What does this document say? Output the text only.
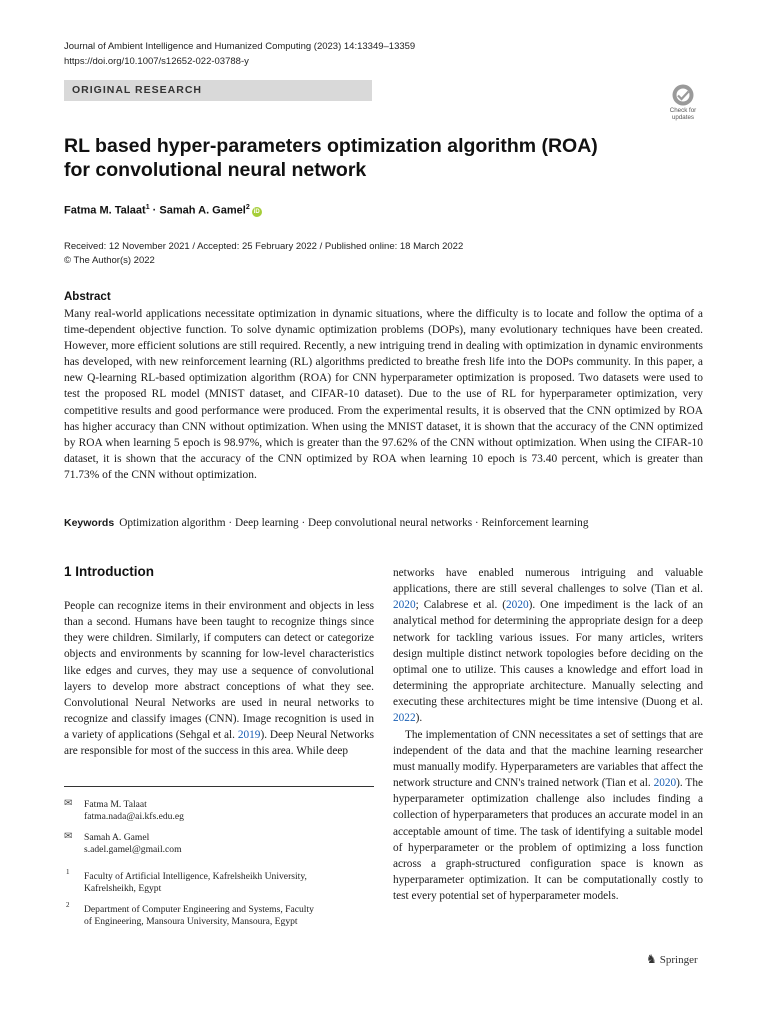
Journal of Ambient Intelligence and Humanized Computing (2023) 14:13349–13359
https://doi.org/10.1007/s12652-022-03788-y
ORIGINAL RESEARCH
Check for
updates
RL based hyper-parameters optimization algorithm (ROA)
for convolutional neural network
Fatma M. Talaat$^1$ · Samah A. Gamel$^2$iD
Received: 12 November 2021 / Accepted: 25 February 2022 / Published online: 18 March 2022
© The Author(s) 2022
Abstract
Many real-world applications necessitate optimization in dynamic situations, where the difficulty is to locate and follow the optima of a time-dependent objective function. To solve dynamic optimization problems (DOPs), many evolutionary techniques have been created. However, more efficient solutions are still required. Recently, a new intriguing trend in dealing with optimization in dynamic environments has developed, with new reinforcement learning (RL) algorithms predicted to breathe fresh life into the DOPs community. In this paper, a new Q-learning RL-based optimization algorithm (ROA) for CNN hyperparameter optimization is proposed. Two datasets were used to test the proposed RL model (MNIST dataset, and CIFAR-10 dataset). Due to the use of RL for hyperparameter optimization, very competitive results and good performance were produced. From the experimental results, it is observed that the CNN optimized by ROA has higher accuracy than CNN without optimization. When using the MNIST dataset, it is shown that the accuracy of the CNN optimized by ROA when learning 5 epoch is 98.97%, which is greater than the 97.62% of the CNN without optimization. When using the CIFAR-10 dataset, it is shown that the accuracy of the CNN optimized by ROA when learning 10 epoch is 73.40 percent, which is greater than 71.73% of the CNN without optimization.
Keywords Optimization algorithm · Deep learning · Deep convolutional neural networks · Reinforcement learning
1 Introduction
People can recognize items in their environment and objects in less than a second. Humans have been taught to recognize things since they were children. Similarly, if computers can detect or categorize objects and environments by scanning for low-level characteristics like edges and curves, they may use a sequence of convolutional layers to develop more abstract conceptions of what they see. Convolutional Neural Networks are used in neural networks to recognize and classify images (CNN). Image recognition is used in a variety of applications (Sehgal et al. 2019). Deep Neural Networks are responsible for most of the success in this area. While deep
networks have enabled numerous intriguing and valuable applications, there are still several challenges to solve (Tian et al. 2020; Calabrese et al. (2020). One impediment is the lack of an analytical method for determining the appropriate design for a deep network for tackling various issues. For many articles, writers design multiple distinct network topologies before deciding on the optimal one to utilize. This causes a knowledge and effort load in determining the appropriate architecture. Manually selecting and executing these architectures might be time intensive (Duong et al. 2022).
The implementation of CNN necessitates a set of settings that are independent of the data and that the machine learning researcher must manually modify. Hyperparameters are variables that affect the network structure and CNN's trained network (Tian et al. 2020). The hyperparameter optimization challenge also includes finding a collection of hyperparameters that produces an accurate model in an acceptable amount of time. The task of identifying a suitable model of hyperparameter or the problem of optimizing a loss function across a graph-structured configuration space is known as hyperparameter optimization. It can be computationally costly to test every potential set of hyperparameter models.
✉ Fatma M. Talaat
fatma.nada@ai.kfs.edu.eg
✉ Samah A. Gamel
s.adel.gamel@gmail.com
1 Faculty of Artificial Intelligence, Kafrelsheikh University,
Kafrelsheikh, Egypt
2 Department of Computer Engineering and Systems, Faculty
of Engineering, Mansoura University, Mansoura, Egypt
♞ Springer
